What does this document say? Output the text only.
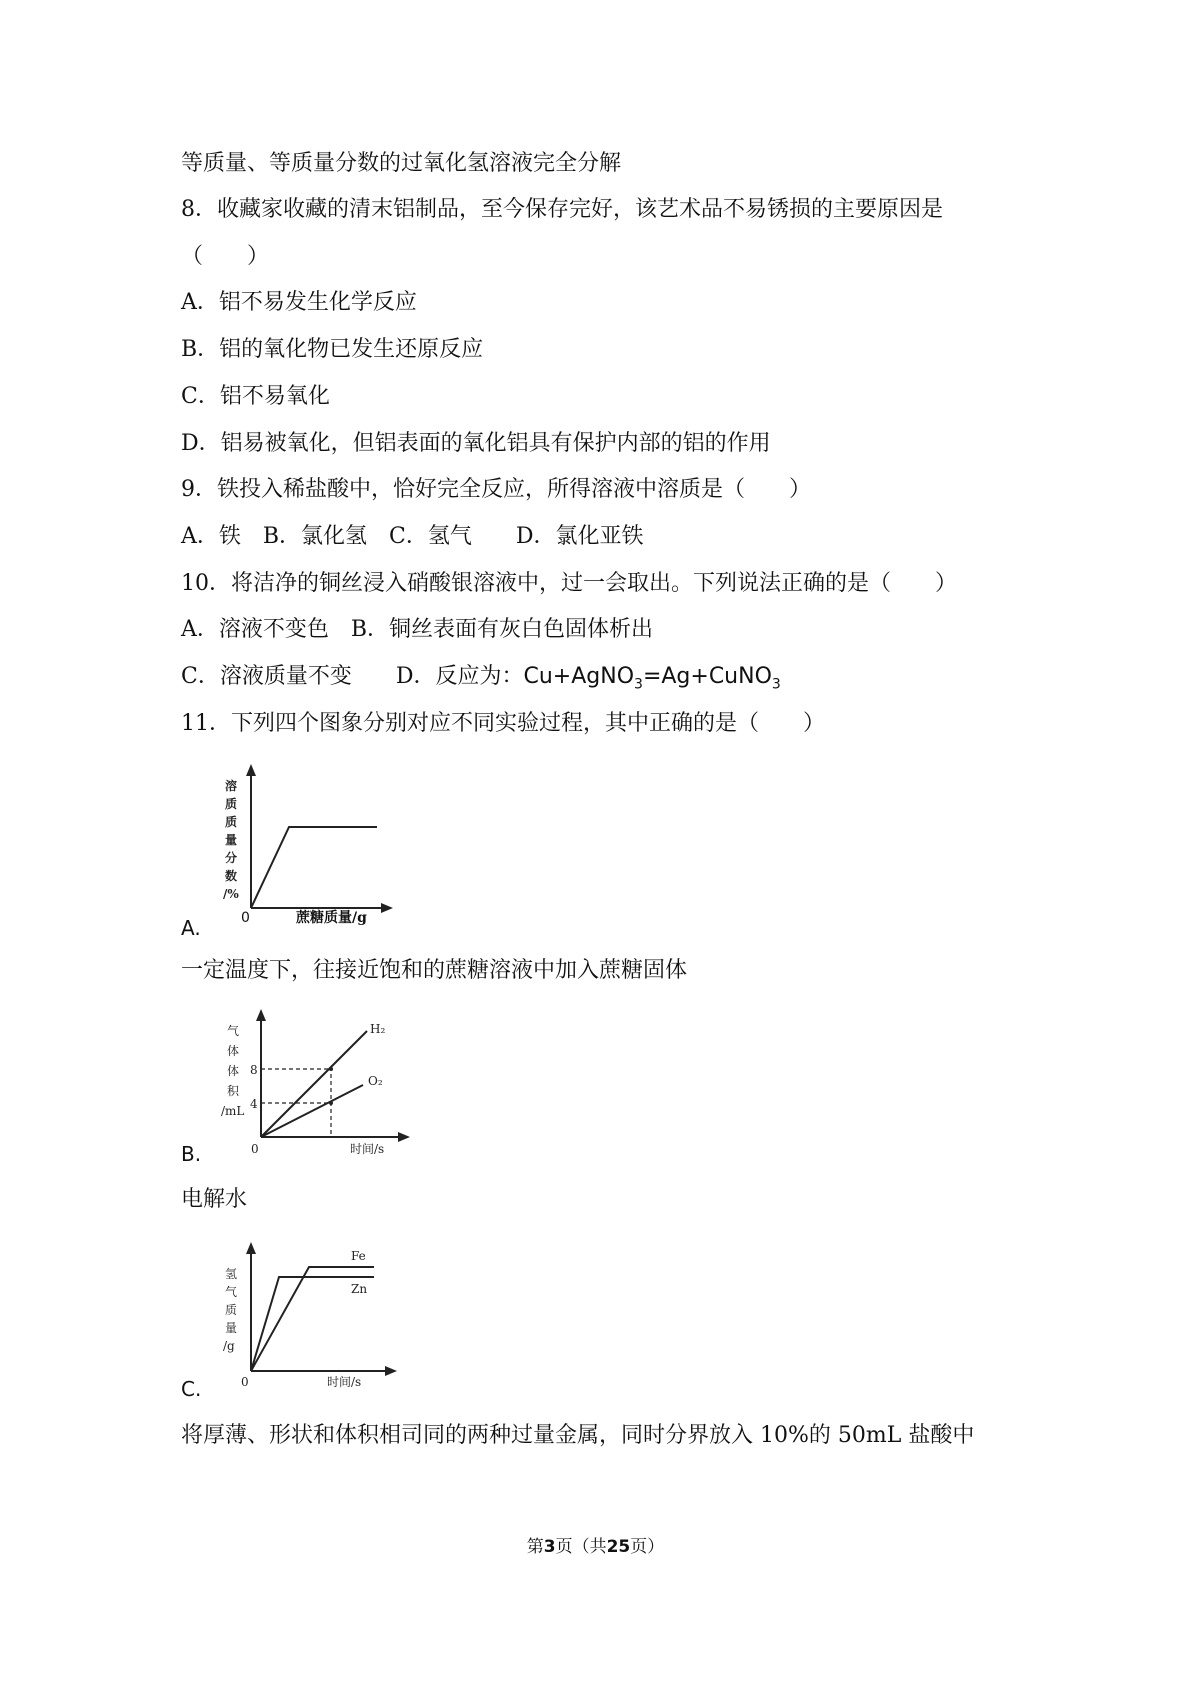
等质量、等质量分数的过氧化氢溶液完全分解
8．收藏家收藏的清末铝制品，至今保存完好，该艺术品不易锈损的主要原因是
（　　）
A．铝不易发生化学反应
B．铝的氧化物已发生还原反应
C．铝不易氧化
D．铝易被氧化，但铝表面的氧化铝具有保护内部的铝的作用
9．铁投入稀盐酸中，恰好完全反应，所得溶液中溶质是（　　）
A．铁　B．氯化氢　C．氢气　　D．氯化亚铁
10．将洁净的铜丝浸入硝酸银溶液中，过一会取出。下列说法正确的是（　　）
A．溶液不变色　B．铜丝表面有灰白色固体析出
C．溶液质量不变　　D．反应为：Cu+AgNO$_3$=Ag+CuNO$_3$
11．下列四个图象分别对应不同实验过程，其中正确的是（　　）
溶
质
质
量
分
数
/%
0	蔗糖质量/g
A.
一定温度下，往接近饱和的蔗糖溶液中加入蔗糖固体
8
4
H₂
O₂
气
体
体
积
/mL
0	时间/s
B.
电解水
Fe
Zn
氢
气
质
量
/g
0	时间/s
C.
将厚薄、形状和体积相司同的两种过量金属，同时分界放入 10%的 50mL 盐酸中
第3页（共25页）
